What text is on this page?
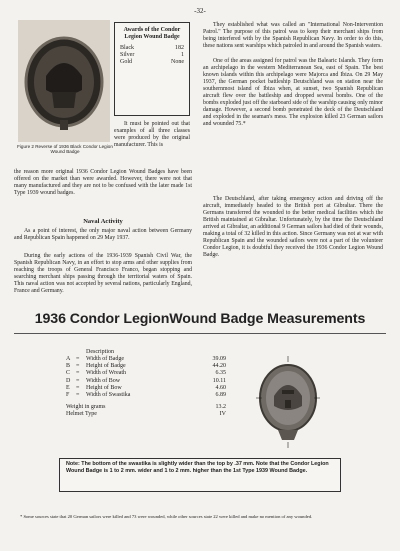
-32-
Figure 2 Reverse of 1936 Black Condor Legion Wound Badge
Awards of the Condor Legion Wound Badge
Black	182
Silver	1
Gold	None

It must be pointed out that examples of all three classes were produced by the original manufacturer. This is

the reason more original 1936 Condor Legion Wound Badges have been offered on the market than were awarded. However, there were not that many manufactured and they are not to be confused with the later made 1st Type 1939 wound badges.

Naval Activity

As a point of interest, the only major naval action between Germany and Republican Spain happened on 29 May 1937.

During the early actions of the 1936-1939 Spanish Civil War, the Spanish Republican Navy, in an effort to stop arms and other supplies from reaching the troops of General Francisco Franco, began stopping and searching merchant ships passing through the territorial waters of Spain. This naval action was not accepted by several nations, particularly England, France and Germany.

They established what was called an "International Non-Intervention Patrol." The purpose of this patrol was to keep their merchant ships from being interfered with by the Spanish Republican Navy. In order to do this, these nations sent warships which patroled in and around the Spanish waters.

One of the areas assigned for patrol was the Balearic Islands. They form an archipelago in the western Mediterranean Sea, east of Spain. The best known islands within this archipelago were Majorca and Ibiza. On 29 May 1937, the German pocket battleship Deutschland was on station near the southernmost island of Ibiza when, at sunset, two Spanish Republican aircraft flew over the battleship and dropped several bombs. One of the bombs exploded just off the starboard side of the warship causing only minor damage. However, a second bomb penetrated the deck of the Deutschland and exploded in the seaman's mess. The explosion killed 23 German sailors and wounded 75.*

The Deutschland, after taking emergency action and driving off the aircraft, immediately headed to the British port at Gibraltar. There the Germans transferred the wounded to the better medical facilities which the British maintained at Gibraltar. Unfortunately, by the time the Deutschland arrived at Gibraltar, an additional 9 German sailors had died of their wounds, making a total of 32 killed in this action. Since Germany was not at war with Republican Spain and the wounded sailors were not a part of the volunteer Condor Legion, it is doubtful they received the 1936 Condor Legion Wound Badge.

1936 Condor LegionWound Badge Measurements
Description
A =	Width of Badge	39.09
B =	Height of Badge	44.20
C =	Width of Wreath	6.35
D =	Width of Bow	10.11
E	=	Height of Bow	4.60
F	=	Width of Swastika	6.89
Weight in grams	13.2
Helmet Type	IV
Note: The bottom of the swastika is slightly wider than the top by .37 mm. Note that the Condor Legion Wound Badge is 1 to 2 mm. wider and 1 to 2 mm. higher than the 1st Type 1939 Wound Badge.
* Some sources state that 20 German sailors were killed and 73 were wounded, while other sources state 22 were killed and make no mention of any wounded.
